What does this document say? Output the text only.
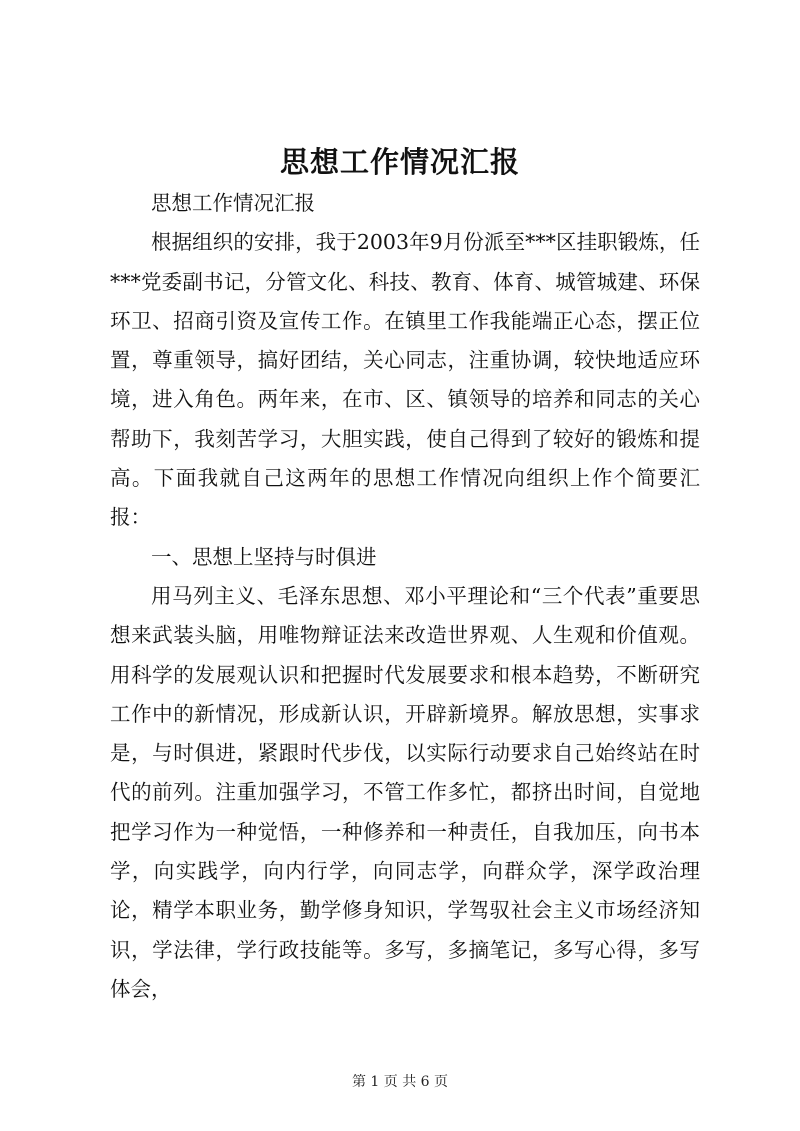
思想工作情况汇报

思想工作情况汇报

根据组织的安排，我于2003年9月份派至***区挂职锻炼，任***党委副书记，分管文化、科技、教育、体育、城管城建、环保环卫、招商引资及宣传工作。在镇里工作我能端正心态，摆正位置，尊重领导，搞好团结，关心同志，注重协调，较快地适应环境，进入角色。两年来，在市、区、镇领导的培养和同志的关心帮助下，我刻苦学习，大胆实践，使自己得到了较好的锻炼和提高。下面我就自己这两年的思想工作情况向组织上作个简要汇报：

一、思想上坚持与时俱进

用马列主义、毛泽东思想、邓小平理论和“三个代表”重要思想来武装头脑，用唯物辩证法来改造世界观、人生观和价值观。用科学的发展观认识和把握时代发展要求和根本趋势，不断研究工作中的新情况，形成新认识，开辟新境界。解放思想，实事求是，与时俱进，紧跟时代步伐，以实际行动要求自己始终站在时代的前列。注重加强学习，不管工作多忙，都挤出时间，自觉地把学习作为一种觉悟，一种修养和一种责任，自我加压，向书本学，向实践学，向内行学，向同志学，向群众学，深学政治理论，精学本职业务，勤学修身知识，学驾驭社会主义市场经济知识，学法律，学行政技能等。多写，多摘笔记，多写心得，多写体会，

第 1 页 共 6 页
